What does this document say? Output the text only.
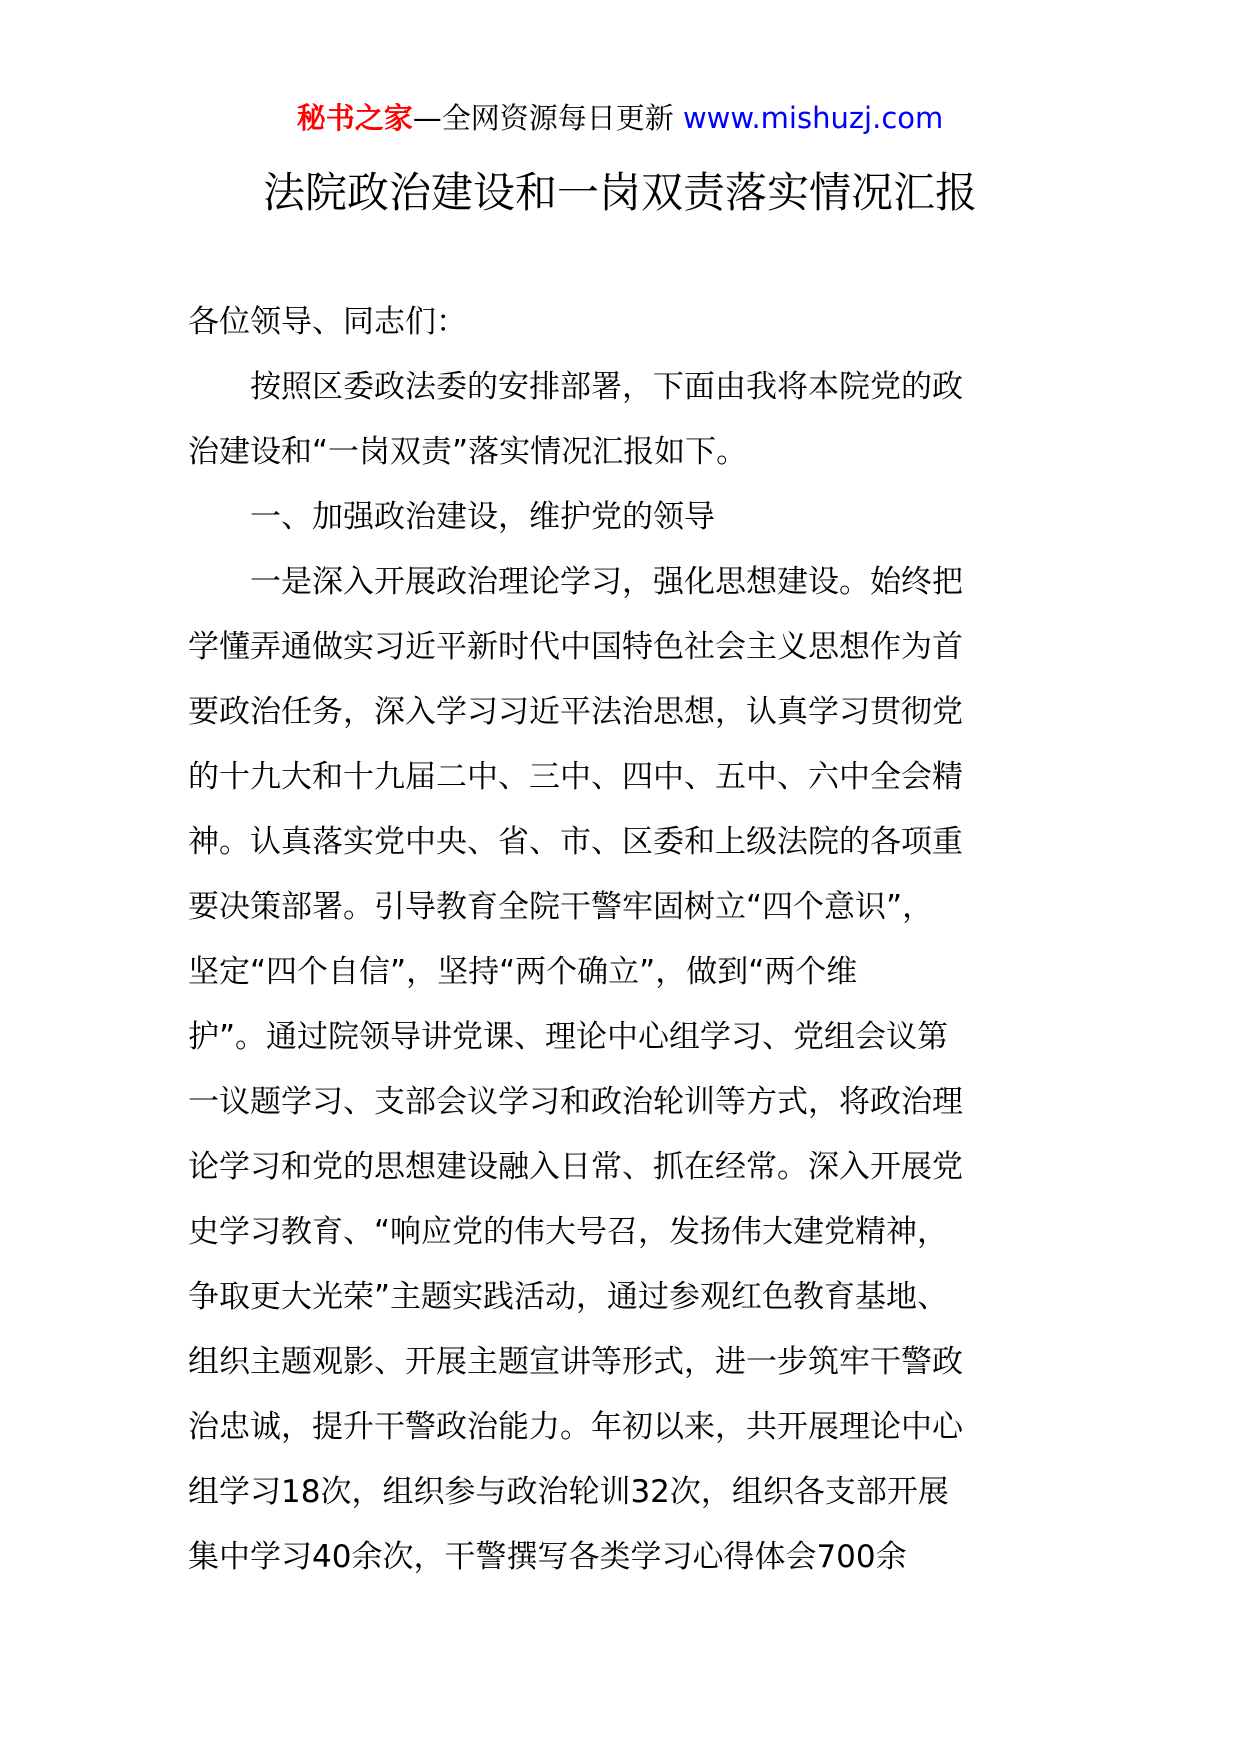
秘书之家—全网资源每日更新 www.mishuzj.com
法院政治建设和一岗双责落实情况汇报
各位领导、同志们：
　　按照区委政法委的安排部署，下面由我将本院党的政
治建设和“一岗双责”落实情况汇报如下。
　　一、加强政治建设，维护党的领导
　　一是深入开展政治理论学习，强化思想建设。始终把
学懂弄通做实习近平新时代中国特色社会主义思想作为首
要政治任务，深入学习习近平法治思想，认真学习贯彻党
的十九大和十九届二中、三中、四中、五中、六中全会精
神。认真落实党中央、省、市、区委和上级法院的各项重
要决策部署。引导教育全院干警牢固树立“四个意识”，
坚定“四个自信”，坚持“两个确立”，做到“两个维
护”。通过院领导讲党课、理论中心组学习、党组会议第
一议题学习、支部会议学习和政治轮训等方式，将政治理
论学习和党的思想建设融入日常、抓在经常。深入开展党
史学习教育、“响应党的伟大号召，发扬伟大建党精神，
争取更大光荣”主题实践活动，通过参观红色教育基地、
组织主题观影、开展主题宣讲等形式，进一步筑牢干警政
治忠诚，提升干警政治能力。年初以来，共开展理论中心
组学习18次，组织参与政治轮训32次，组织各支部开展
集中学习40余次，干警撰写各类学习心得体会700余
